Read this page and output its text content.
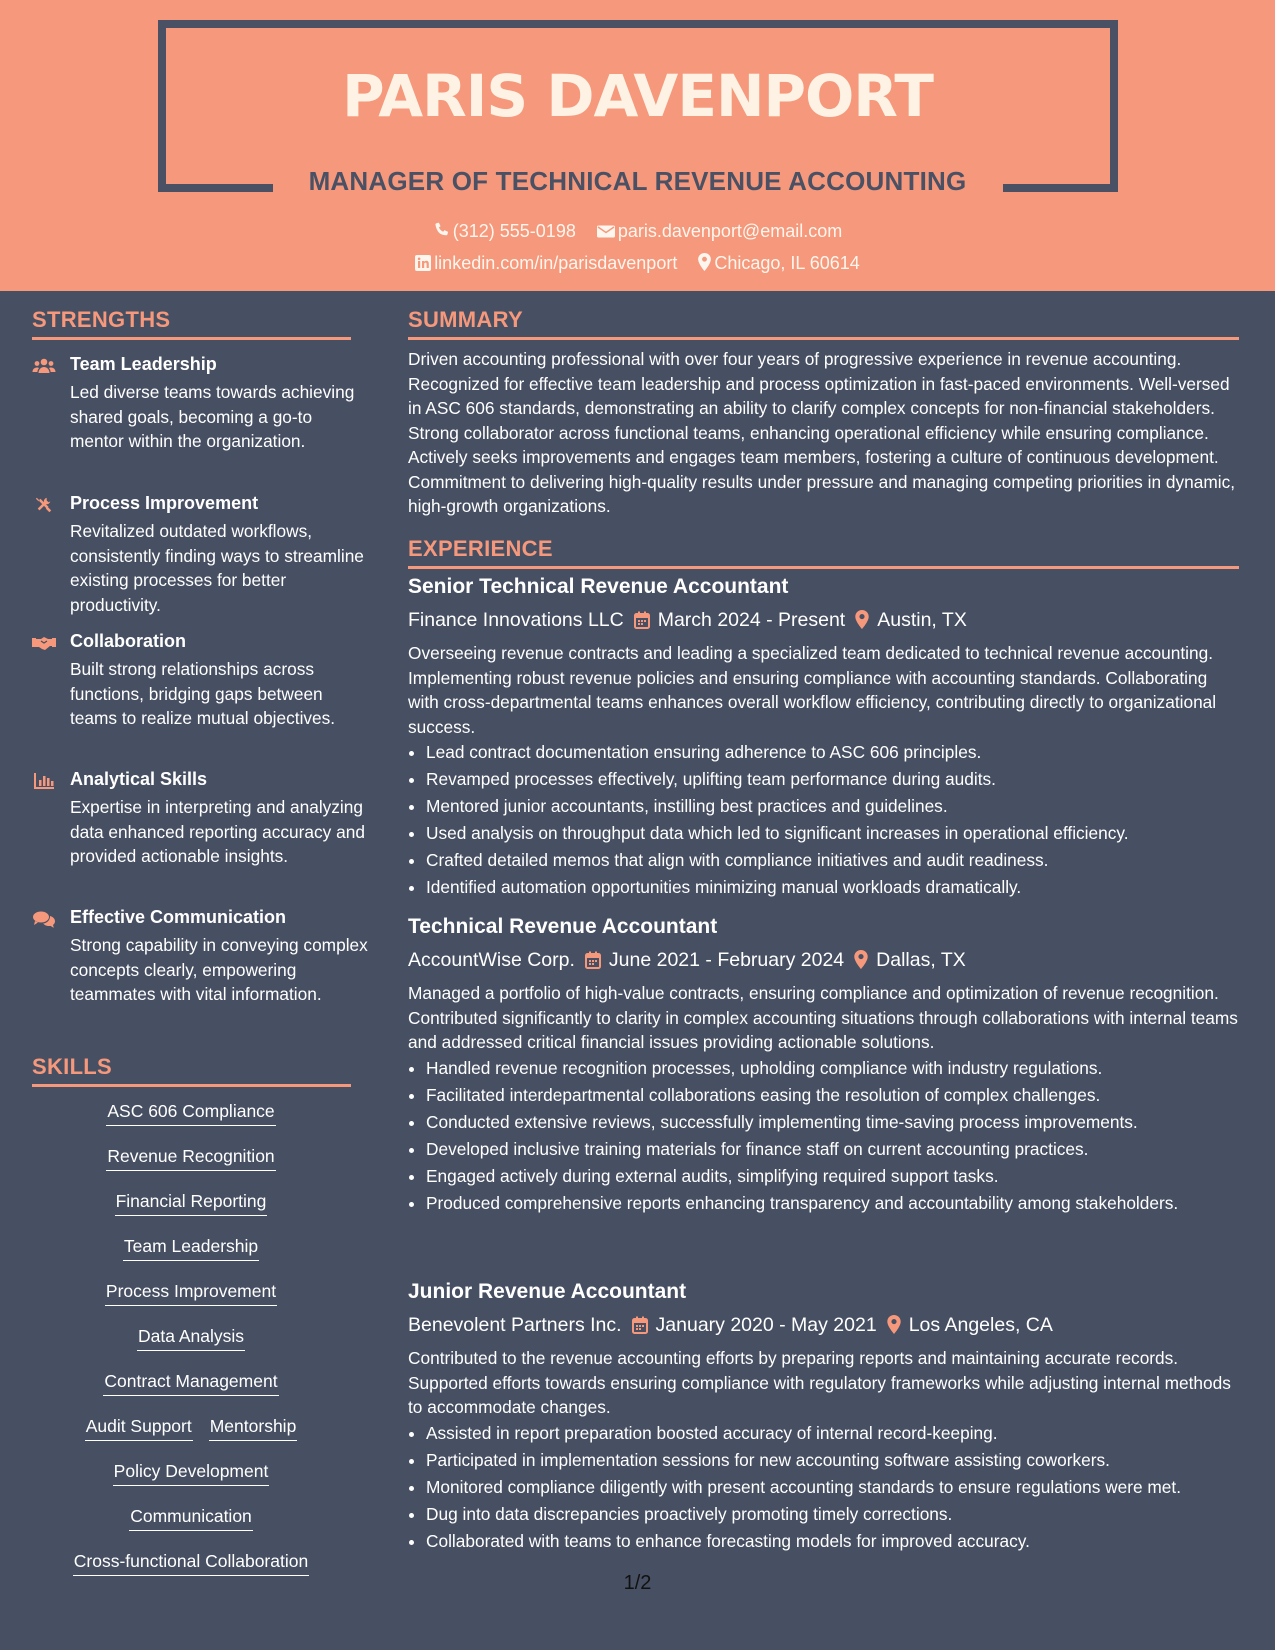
PARIS DAVENPORT
MANAGER OF TECHNICAL REVENUE ACCOUNTING
(312) 555-0198 paris.davenport@email.com
linkedin.com/in/parisdavenport Chicago, IL 60614
STRENGTHS
Team Leadership
Led diverse teams towards achieving shared goals, becoming a go-to mentor within the organization.
Process Improvement
Revitalized outdated workflows, consistently finding ways to streamline existing processes for better productivity.
Collaboration
Built strong relationships across functions, bridging gaps between teams to realize mutual objectives.
Analytical Skills
Expertise in interpreting and analyzing data enhanced reporting accuracy and provided actionable insights.
Effective Communication
Strong capability in conveying complex concepts clearly, empowering teammates with vital information.
SKILLS
ASC 606 Compliance
Revenue Recognition
Financial Reporting
Team Leadership
Process Improvement
Data Analysis
Contract Management
Audit Support Mentorship
Policy Development
Communication
Cross-functional Collaboration
SUMMARY
Driven accounting professional with over four years of progressive experience in revenue accounting. Recognized for effective team leadership and process optimization in fast-paced environments. Well-versed in ASC 606 standards, demonstrating an ability to clarify complex concepts for non-financial stakeholders. Strong collaborator across functional teams, enhancing operational efficiency while ensuring compliance. Actively seeks improvements and engages team members, fostering a culture of continuous development. Commitment to delivering high-quality results under pressure and managing competing priorities in dynamic, high-growth organizations.
EXPERIENCE
Senior Technical Revenue Accountant
Finance Innovations LLC March 2024 - Present Austin, TX
Overseeing revenue contracts and leading a specialized team dedicated to technical revenue accounting. Implementing robust revenue policies and ensuring compliance with accounting standards. Collaborating with cross-departmental teams enhances overall workflow efficiency, contributing directly to organizational success.
• Lead contract documentation ensuring adherence to ASC 606 principles.
• Revamped processes effectively, uplifting team performance during audits.
• Mentored junior accountants, instilling best practices and guidelines.
• Used analysis on throughput data which led to significant increases in operational efficiency.
• Crafted detailed memos that align with compliance initiatives and audit readiness.
• Identified automation opportunities minimizing manual workloads dramatically.
Technical Revenue Accountant
AccountWise Corp. June 2021 - February 2024 Dallas, TX
Managed a portfolio of high-value contracts, ensuring compliance and optimization of revenue recognition. Contributed significantly to clarity in complex accounting situations through collaborations with internal teams and addressed critical financial issues providing actionable solutions.
• Handled revenue recognition processes, upholding compliance with industry regulations.
• Facilitated interdepartmental collaborations easing the resolution of complex challenges.
• Conducted extensive reviews, successfully implementing time-saving process improvements.
• Developed inclusive training materials for finance staff on current accounting practices.
• Engaged actively during external audits, simplifying required support tasks.
• Produced comprehensive reports enhancing transparency and accountability among stakeholders.
Junior Revenue Accountant
Benevolent Partners Inc. January 2020 - May 2021 Los Angeles, CA
Contributed to the revenue accounting efforts by preparing reports and maintaining accurate records. Supported efforts towards ensuring compliance with regulatory frameworks while adjusting internal methods to accommodate changes.
• Assisted in report preparation boosted accuracy of internal record-keeping.
• Participated in implementation sessions for new accounting software assisting coworkers.
• Monitored compliance diligently with present accounting standards to ensure regulations were met.
• Dug into data discrepancies proactively promoting timely corrections.
• Collaborated with teams to enhance forecasting models for improved accuracy.
1/2
